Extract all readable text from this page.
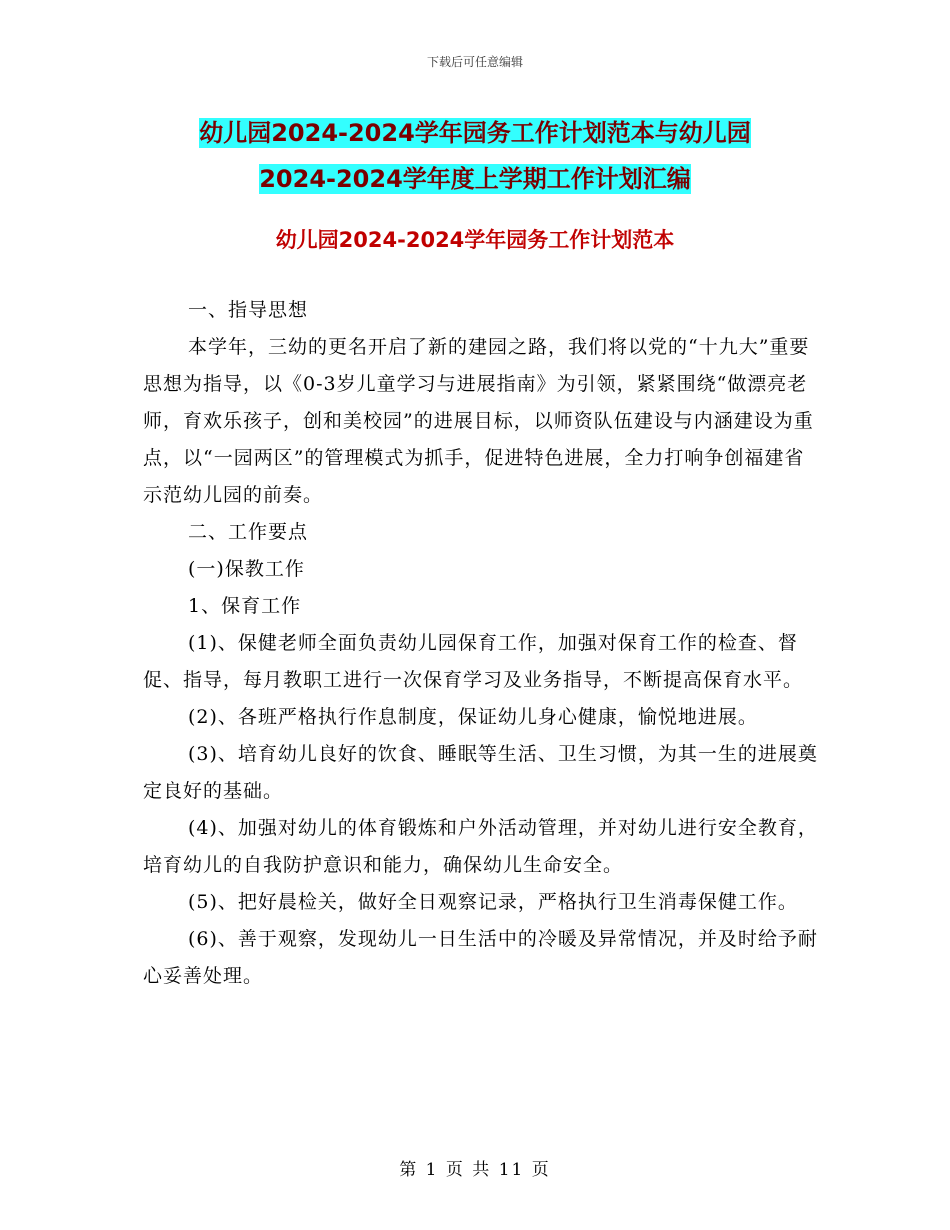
下载后可任意编辑
幼儿园2024-2024学年园务工作计划范本与幼儿园
2024-2024学年度上学期工作计划汇编
幼儿园2024-2024学年园务工作计划范本

一、指导思想

本学年，三幼的更名开启了新的建园之路，我们将以党的“十九大”重要思想为指导，以《0-3岁儿童学习与进展指南》为引领，紧紧围绕“做漂亮老师，育欢乐孩子，创和美校园”的进展目标，以师资队伍建设与内涵建设为重点，以“一园两区”的管理模式为抓手，促进特色进展，全力打响争创福建省示范幼儿园的前奏。

二、工作要点

(一)保教工作

1、保育工作

(1)、保健老师全面负责幼儿园保育工作，加强对保育工作的检查、督促、指导，每月教职工进行一次保育学习及业务指导，不断提高保育水平。

(2)、各班严格执行作息制度，保证幼儿身心健康，愉悦地进展。

(3)、培育幼儿良好的饮食、睡眠等生活、卫生习惯，为其一生的进展奠定良好的基础。

(4)、加强对幼儿的体育锻炼和户外活动管理，并对幼儿进行安全教育，培育幼儿的自我防护意识和能力，确保幼儿生命安全。

(5)、把好晨检关，做好全日观察记录，严格执行卫生消毒保健工作。

(6)、善于观察，发现幼儿一日生活中的冷暖及异常情况，并及时给予耐心妥善处理。

第 1 页 共 11 页
